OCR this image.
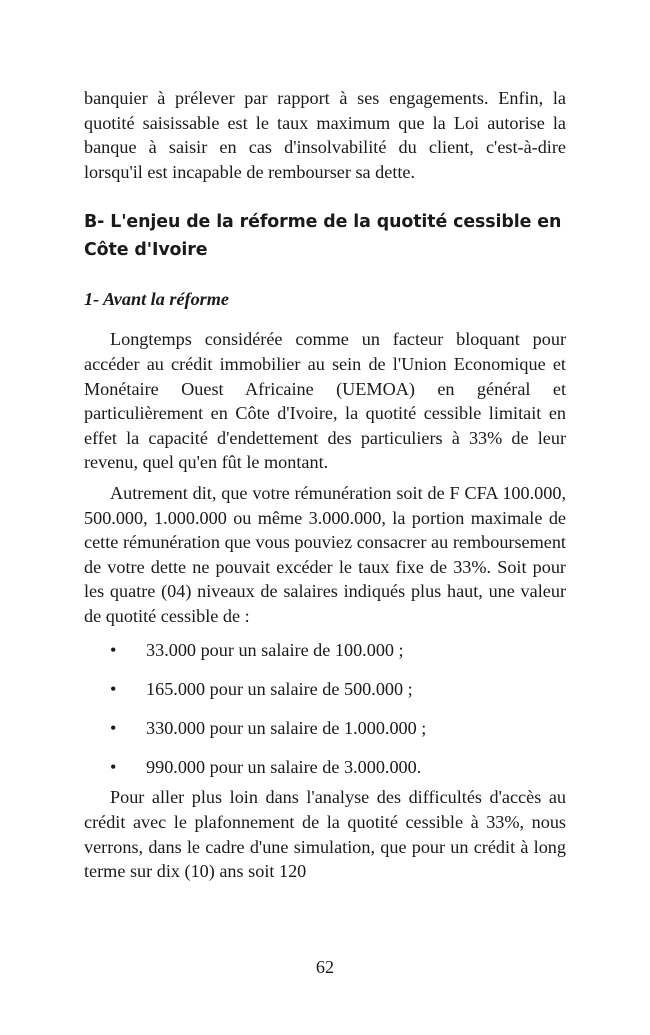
banquier à prélever par rapport à ses engagements. Enfin, la quotité saisissable est le taux maximum que la Loi autorise la banque à saisir en cas d'insolvabilité du client, c'est-à-dire lorsqu'il est incapable de rembourser sa dette.

B- L'enjeu de la réforme de la quotité cessible en Côte d'Ivoire
1- Avant la réforme

Longtemps considérée comme un facteur bloquant pour accéder au crédit immobilier au sein de l'Union Economique et Monétaire Ouest Africaine (UEMOA) en général et particulièrement en Côte d'Ivoire, la quotité cessible limitait en effet la capacité d'endettement des particuliers à 33% de leur revenu, quel qu'en fût le montant.

Autrement dit, que votre rémunération soit de F CFA 100.000, 500.000, 1.000.000 ou même 3.000.000, la portion maximale de cette rémunération que vous pouviez consacrer au remboursement de votre dette ne pouvait excéder le taux fixe de 33%. Soit pour les quatre (04) niveaux de salaires indiqués plus haut, une valeur de quotité cessible de :

• 33.000 pour un salaire de 100.000 ;
• 165.000 pour un salaire de 500.000 ;
• 330.000 pour un salaire de 1.000.000 ;
• 990.000 pour un salaire de 3.000.000.

Pour aller plus loin dans l'analyse des difficultés d'accès au crédit avec le plafonnement de la quotité cessible à 33%, nous verrons, dans le cadre d'une simulation, que pour un crédit à long terme sur dix (10) ans soit 120

62
